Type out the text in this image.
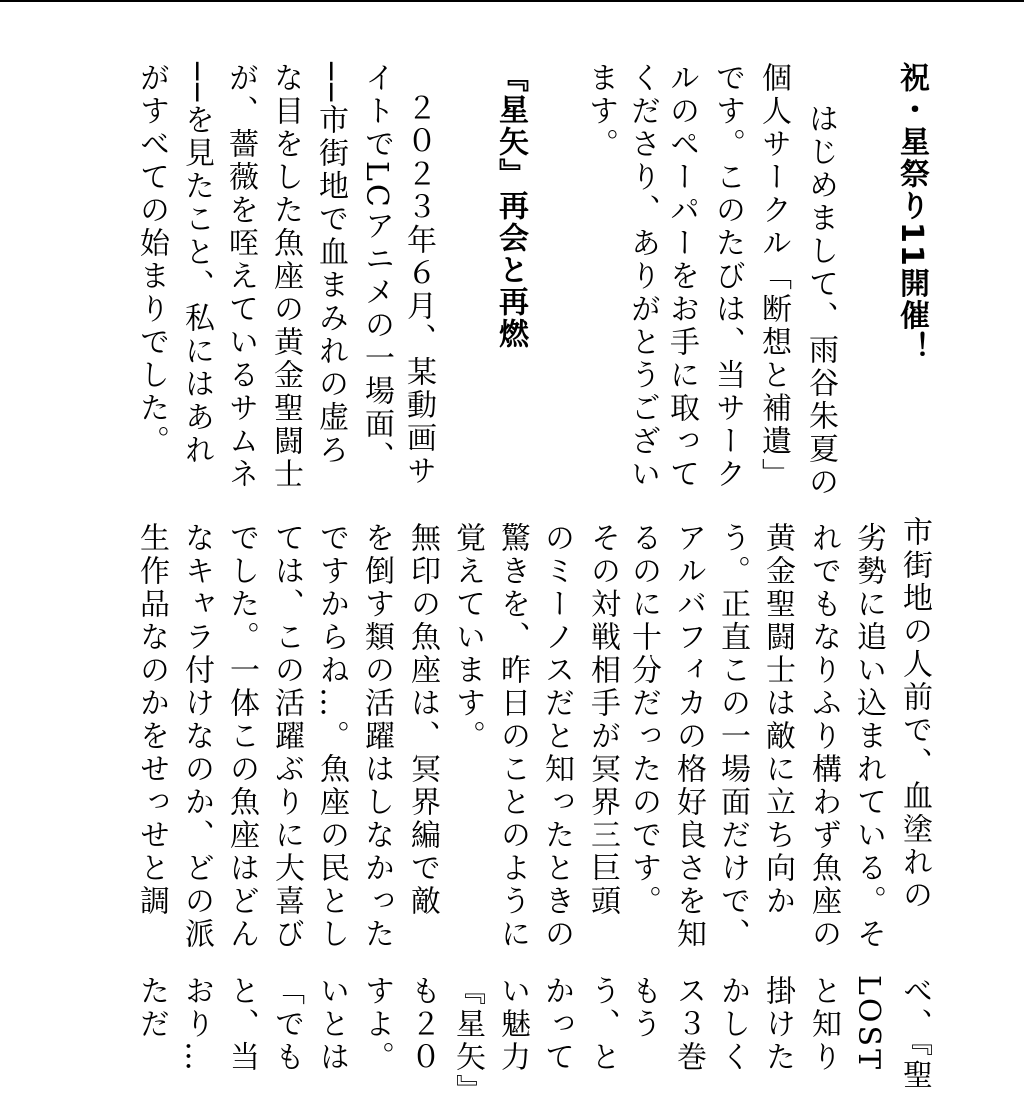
祝・星祭り11開催！
はじめまして、雨谷朱夏の
個人サークル「断想と補遺」
です。このたびは、当サーク
ルのペーパーをお手に取って
くださり、ありがとうござい
ます。
『星矢』再会と再燃
２０２３年６月、某動画サ
イトでLCアニメの一場面、
──市街地で血まみれの虚ろ
な目をした魚座の黄金聖闘士
が、薔薇を咥えているサムネ
──を見たこと、私にはあれ
がすべての始まりでした。
市街地の人前で、血塗れの
劣勢に追い込まれている。そ
れでもなりふり構わず魚座の
黄金聖闘士は敵に立ち向か
う。正直この一場面だけで、
アルバフィカの格好良さを知
るのに十分だったのです。
その対戦相手が冥界三巨頭
のミーノスだと知ったときの
驚きを、昨日のことのように
覚えています。
無印の魚座は、冥界編で敵
を倒す類の活躍はしなかった
ですからね…。魚座の民とし
ては、この活躍ぶりに大喜び
でした。一体この魚座はどん
なキャラ付けなのか、どの派
生作品なのかをせっせと調
べ、『聖
LOST
と知り
掛けた
かしく
ス３巻
もう
う、と
かって
い魅力
『星矢』
も２０
すよ。
いとは
「でも
と、当
おり…
ただ
